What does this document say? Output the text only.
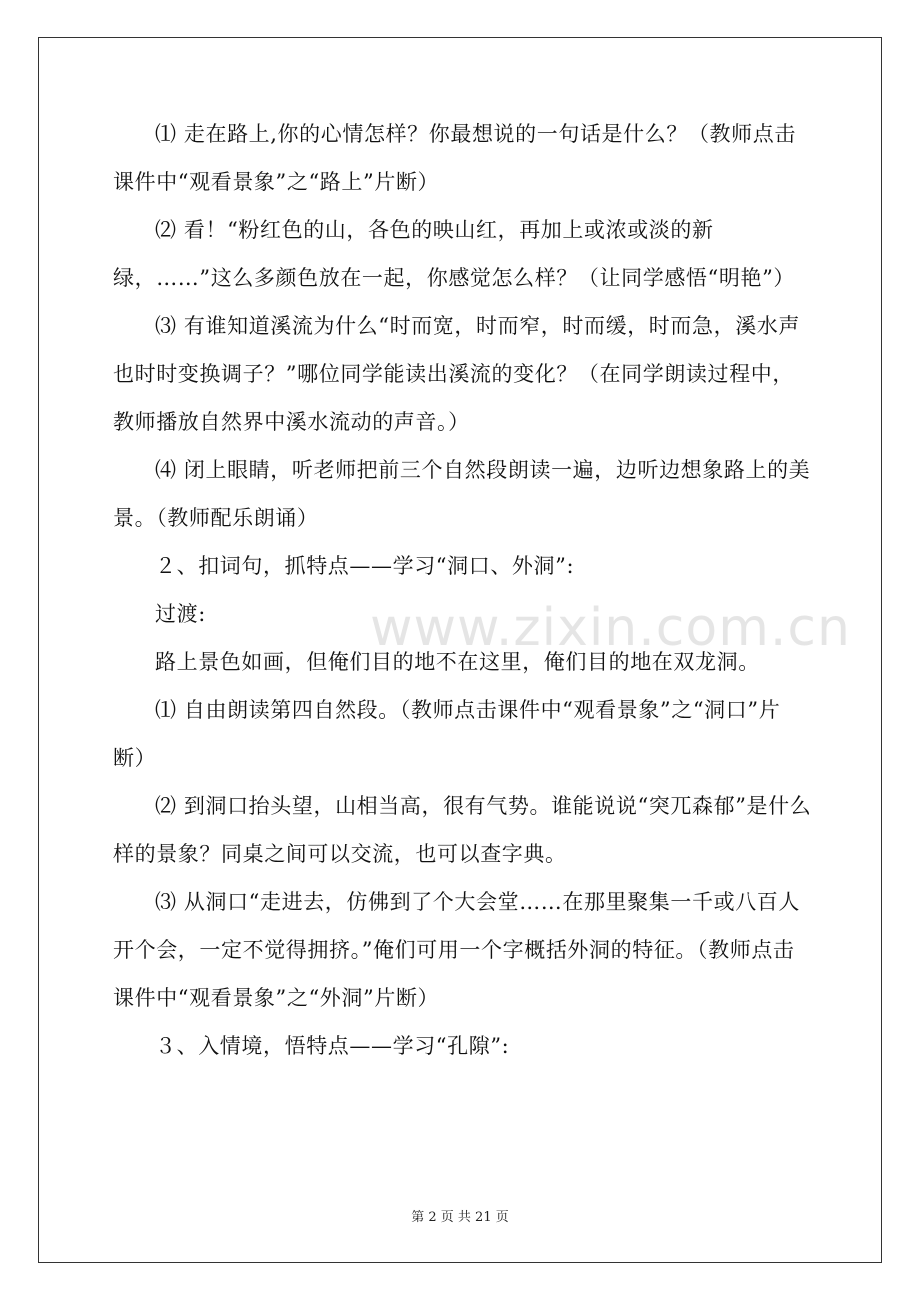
⑴ 走在路上,你的心情怎样？你最想说的一句话是什么？（教师点击课件中“观看景象”之“路上”片断）

⑵ 看！“粉红色的山，各色的映山红，再加上或浓或淡的新绿，……”这么多颜色放在一起，你感觉怎么样？（让同学感悟“明艳”）

⑶ 有谁知道溪流为什么“时而宽，时而窄，时而缓，时而急，溪水声也时时变换调子？”哪位同学能读出溪流的变化？（在同学朗读过程中，教师播放自然界中溪水流动的声音。）

⑷ 闭上眼睛，听老师把前三个自然段朗读一遍，边听边想象路上的美景。（教师配乐朗诵）

２、扣词句，抓特点——学习“洞口、外洞”:

过渡:

路上景色如画，但俺们目的地不在这里，俺们目的地在双龙洞。

⑴ 自由朗读第四自然段。（教师点击课件中“观看景象”之“洞口”片断）

⑵ 到洞口抬头望，山相当高，很有气势。谁能说说“突兀森郁”是什么样的景象？同桌之间可以交流，也可以查字典。

⑶ 从洞口“走进去，仿佛到了个大会堂……在那里聚集一千或八百人开个会，一定不觉得拥挤。”俺们可用一个字概括外洞的特征。（教师点击课件中“观看景象”之“外洞”片断）

３、入情境，悟特点——学习“孔隙”:

www.zixin.com.cn
第 2 页 共 21 页
